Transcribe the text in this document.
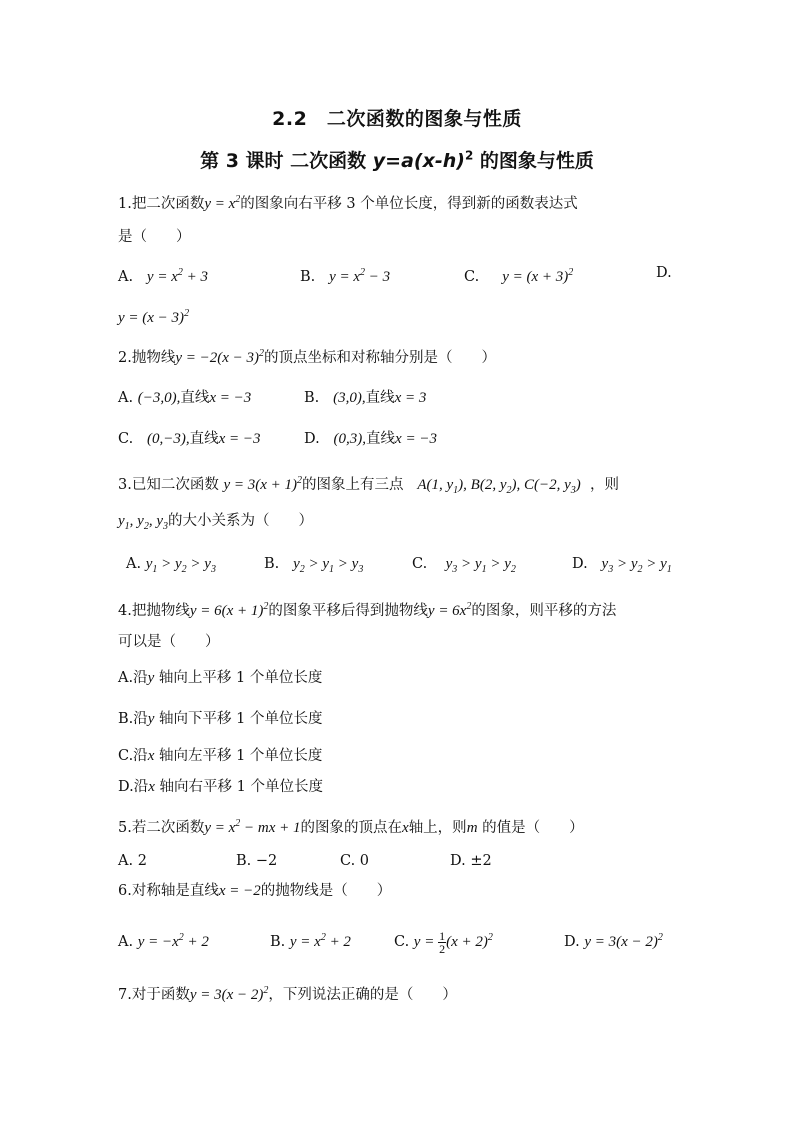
2.2　二次函数的图象与性质
第 3 课时 二次函数 $y=a(x-h)^2$ 的图象与性质
1.把二次函数$y = x^2$的图象向右平移 3 个单位长度，得到新的函数表达式
是（　　）
A. $y = x^2 + 3$	B. $y = x^2 - 3$	C. $y = (x + 3)^2$	D.
$y = (x - 3)^2$
2.抛物线$y = -2(x - 3)^2$的顶点坐标和对称轴分别是（　　）
A. (−3,0),直线x = −3	B. (3,0),直线x = 3
C. (0,−3),直线x = −3	D. (0,3),直线x = −3
3.已知二次函数 $y = 3(x + 1)^2$的图象上有三点 A(1, $y_1$), B(2, $y_2$), C(−2, $y_3$) ，则
$y_1$, $y_2$, $y_3$的大小关系为（　　）
A. $y_1 > y_2 > y_3$	B. $y_2 > y_1 > y_3$	C. $y_3 > y_1 > y_2$	D. $y_3 > y_2 > y_1$
4.把抛物线$y = 6(x + 1)^2$的图象平移后得到抛物线$y = 6x^2$的图象，则平移的方法
可以是（　　）
A.沿y 轴向上平移 1 个单位长度
B.沿y 轴向下平移 1 个单位长度
C.沿x 轴向左平移 1 个单位长度
D.沿x 轴向右平移 1 个单位长度
5.若二次函数$y = x^2$ − mx + 1的图象的顶点在x轴上，则m 的值是（　　）
A. 2	B. −2	C. 0	D. ±2
6.对称轴是直线x = −2的抛物线是（　　）
A. $y = -x^2 + 2$	B. $y = x^2 + 2$	C. $y = \frac{1}{2} (x + 2)^2$	D. $y = 3(x - 2)^2$
7.对于函数$y = 3(x - 2)^2$，下列说法正确的是（　　）
